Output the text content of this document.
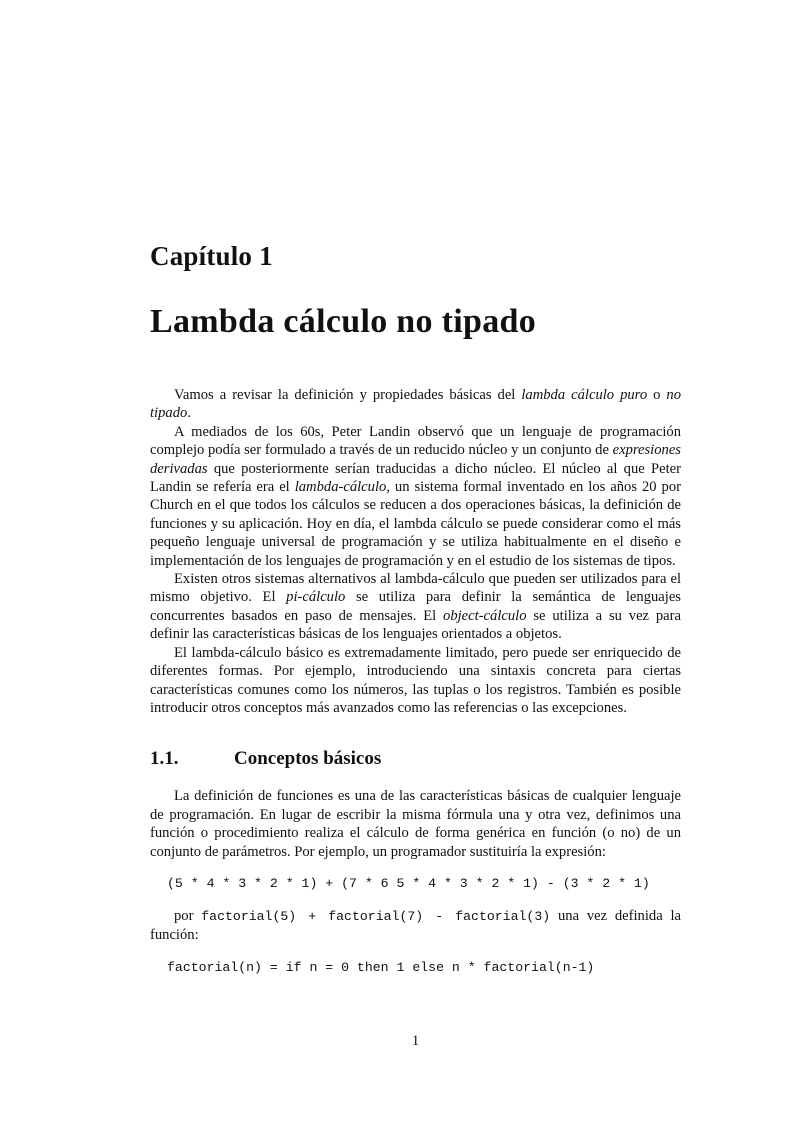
Capítulo 1
Lambda cálculo no tipado

Vamos a revisar la definición y propiedades básicas del lambda cálculo puro o no tipado.

A mediados de los 60s, Peter Landin observó que un lenguaje de programación complejo podía ser formulado a través de un reducido núcleo y un conjunto de expresiones derivadas que posteriormente serían traducidas a dicho núcleo. El núcleo al que Peter Landin se refería era el lambda-cálculo, un sistema formal inventado en los años 20 por Church en el que todos los cálculos se reducen a dos operaciones básicas, la definición de funciones y su aplicación. Hoy en día, el lambda cálculo se puede considerar como el más pequeño lenguaje universal de programación y se utiliza habitualmente en el diseño e implementación de los lenguajes de programación y en el estudio de los sistemas de tipos.

Existen otros sistemas alternativos al lambda-cálculo que pueden ser utilizados para el mismo objetivo. El pi-cálculo se utiliza para definir la semántica de lenguajes concurrentes basados en paso de mensajes. El object-cálculo se utiliza a su vez para definir las características básicas de los lenguajes orientados a objetos.

El lambda-cálculo básico es extremadamente limitado, pero puede ser enriquecido de diferentes formas. Por ejemplo, introduciendo una sintaxis concreta para ciertas características comunes como los números, las tuplas o los registros. También es posible introducir otros conceptos más avanzados como las referencias o las excepciones.

1.1.	Conceptos básicos

La definición de funciones es una de las características básicas de cualquier lenguaje de programación. En lugar de escribir la misma fórmula una y otra vez, definimos una función o procedimiento realiza el cálculo de forma genérica en función (o no) de un conjunto de parámetros. Por ejemplo, un programador sustituiría la expresión:

(5 * 4 * 3 * 2 * 1) + (7 * 6 5 * 4 * 3 * 2 * 1) - (3 * 2 * 1)

por factorial(5) + factorial(7) - factorial(3) una vez definida la función:

factorial(n) = if n = 0 then 1 else n * factorial(n-1)
1
